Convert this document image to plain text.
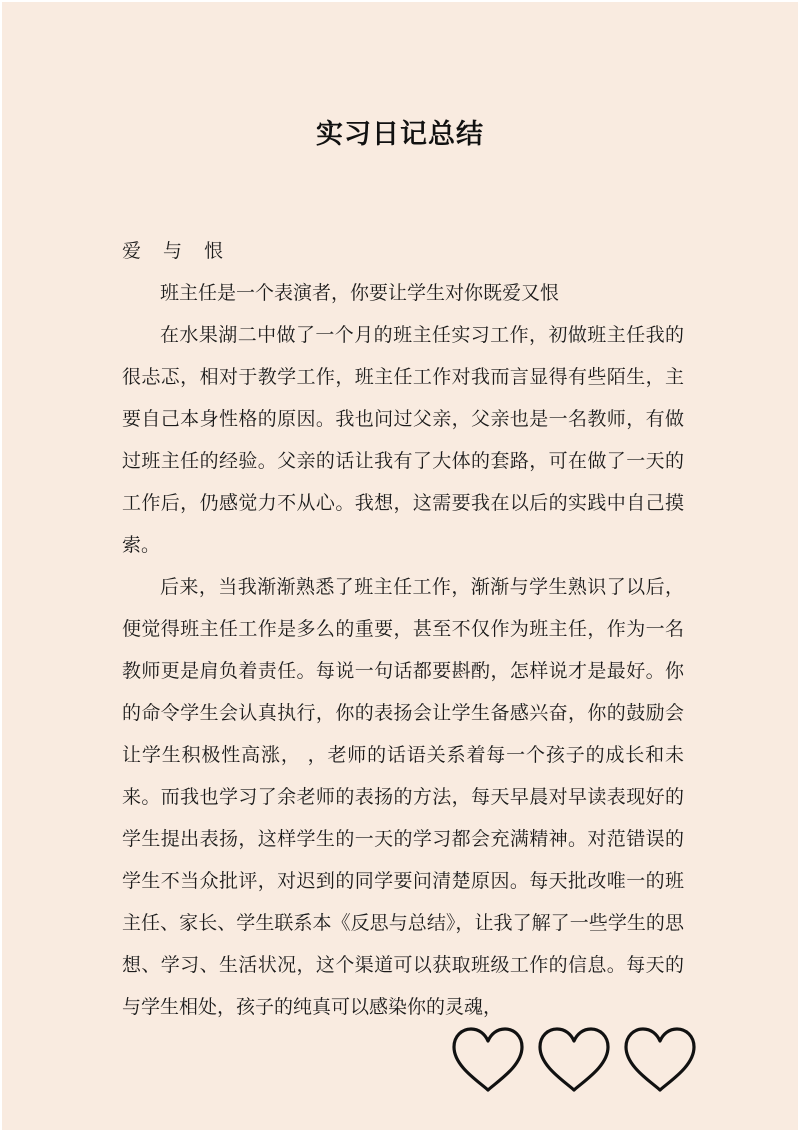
实习日记总结
爱 与 恨

班主任是一个表演者，你要让学生对你既爱又恨

在水果湖二中做了一个月的班主任实习工作，初做班主任我的很忐忑，相对于教学工作，班主任工作对我而言显得有些陌生，主要自己本身性格的原因。我也问过父亲，父亲也是一名教师，有做过班主任的经验。父亲的话让我有了大体的套路，可在做了一天的工作后，仍感觉力不从心。我想，这需要我在以后的实践中自己摸索。

后来，当我渐渐熟悉了班主任工作，渐渐与学生熟识了以后，便觉得班主任工作是多么的重要，甚至不仅作为班主任，作为一名教师更是肩负着责任。每说一句话都要斟酌，怎样说才是最好。你的命令学生会认真执行，你的表扬会让学生备感兴奋，你的鼓励会让学生积极性高涨， ，老师的话语关系着每一个孩子的成长和未来。而我也学习了余老师的表扬的方法，每天早晨对早读表现好的学生提出表扬，这样学生的一天的学习都会充满精神。对范错误的学生不当众批评，对迟到的同学要问清楚原因。每天批改唯一的班主任、家长、学生联系本《反思与总结》，让我了解了一些学生的思想、学习、生活状况，这个渠道可以获取班级工作的信息。每天的与学生相处，孩子的纯真可以感染你的灵魂，
